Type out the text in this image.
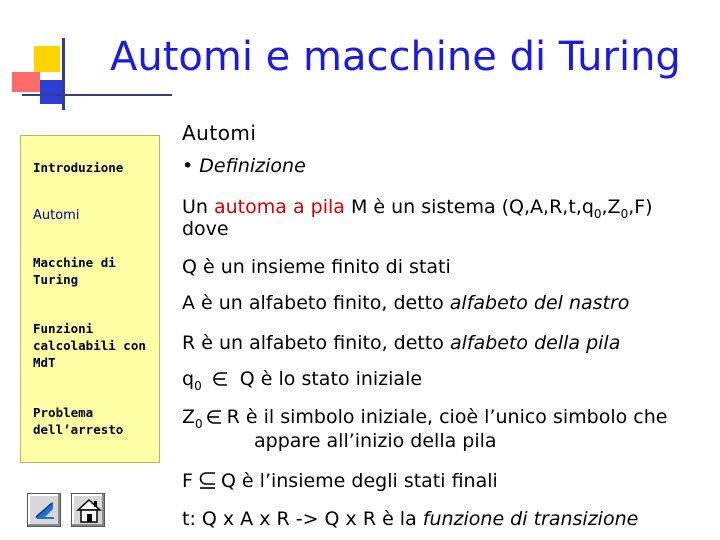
Automi e macchine di Turing
Introduzione
Automi
Macchine di Turing
Funzioni calcolabili con MdT
Problema dell’arresto
Automi
• Definizione
Un automa a pila M è un sistema $(Q,A,R,t,q_0,Z_0,F)$
dove
Q è un insieme finito di stati
A è un alfabeto finito, detto alfabeto del nastro
R è un alfabeto finito, detto alfabeto della pila
$q_0$ Q è lo stato iniziale
$Z_0$ R è il simbolo iniziale, cioè l’unico simbolo che
appare all’inizio della pila
F Q è l’insieme degli stati finali
t: Q x A x R -> Q x R è la funzione di transizione
